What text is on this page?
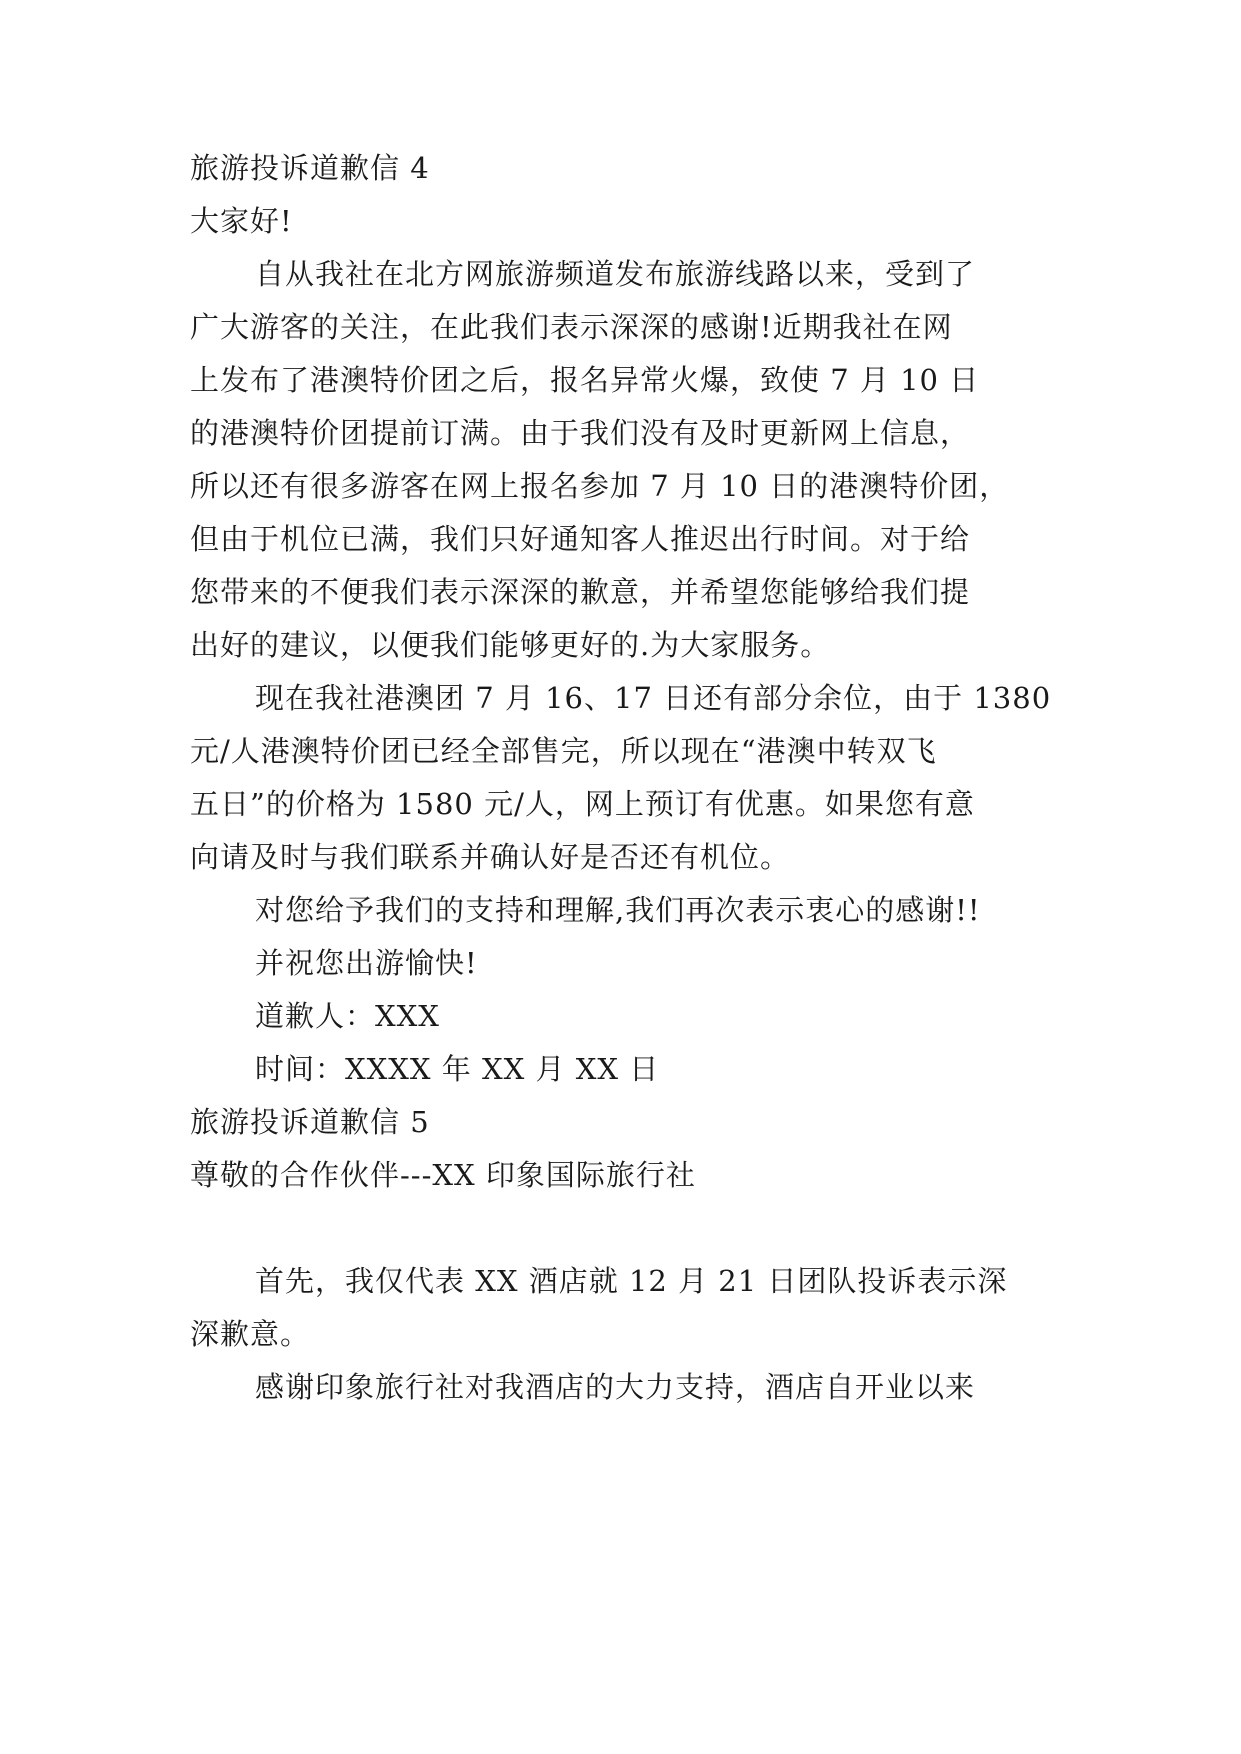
旅游投诉道歉信 4
大家好!
自从我社在北方网旅游频道发布旅游线路以来，受到了
广大游客的关注，在此我们表示深深的感谢!近期我社在网
上发布了港澳特价团之后，报名异常火爆，致使 7 月 10 日
的港澳特价团提前订满。由于我们没有及时更新网上信息，
所以还有很多游客在网上报名参加 7 月 10 日的港澳特价团，
但由于机位已满，我们只好通知客人推迟出行时间。对于给
您带来的不便我们表示深深的歉意，并希望您能够给我们提
出好的建议，以便我们能够更好的.为大家服务。
现在我社港澳团 7 月 16、17 日还有部分余位，由于 1380
元/人港澳特价团已经全部售完，所以现在“港澳中转双飞
五日”的价格为 1580 元/人，网上预订有优惠。如果您有意
向请及时与我们联系并确认好是否还有机位。
对您给予我们的支持和理解,我们再次表示衷心的感谢!!
并祝您出游愉快!
道歉人：XXX
时间：XXXX 年 XX 月 XX 日
旅游投诉道歉信 5
尊敬的合作伙伴---XX 印象国际旅行社
首先，我仅代表 XX 酒店就 12 月 21 日团队投诉表示深
深歉意。
感谢印象旅行社对我酒店的大力支持，酒店自开业以来
